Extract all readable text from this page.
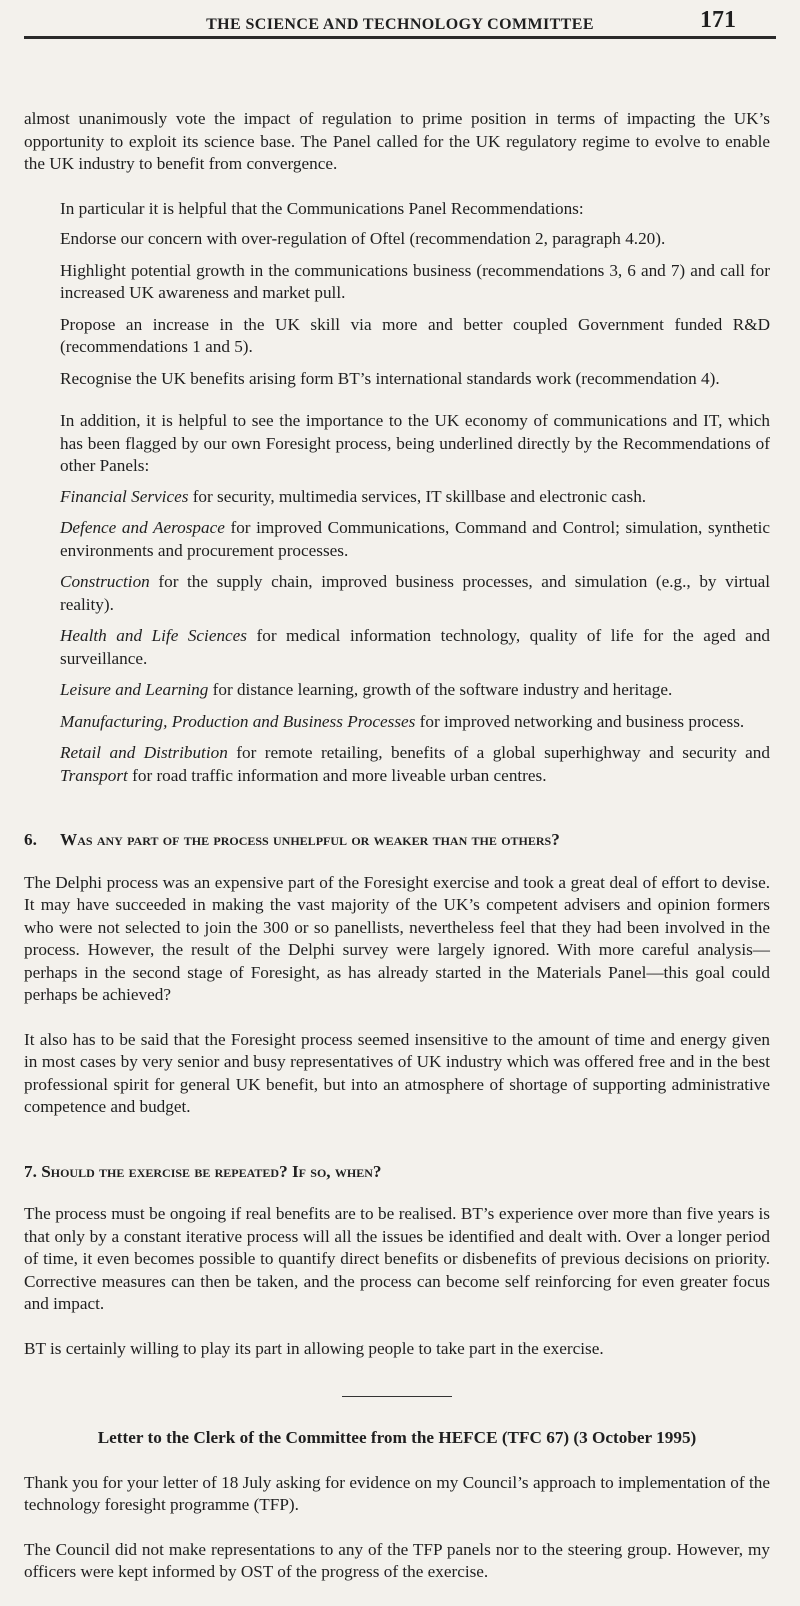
THE SCIENCE AND TECHNOLOGY COMMITTEE	171

almost unanimously vote the impact of regulation to prime position in terms of impacting the UK’s opportunity to exploit its science base. The Panel called for the UK regulatory regime to evolve to enable the UK industry to benefit from convergence.

In particular it is helpful that the Communications Panel Recommendations:

Endorse our concern with over-regulation of Oftel (recommendation 2, paragraph 4.20).

Highlight potential growth in the communications business (recommendations 3, 6 and 7) and call for increased UK awareness and market pull.

Propose an increase in the UK skill via more and better coupled Government funded R&D (recommendations 1 and 5).

Recognise the UK benefits arising form BT’s international standards work (recommendation 4).

In addition, it is helpful to see the importance to the UK economy of communications and IT, which has been flagged by our own Foresight process, being underlined directly by the Recommendations of other Panels:

Financial Services for security, multimedia services, IT skillbase and electronic cash.

Defence and Aerospace for improved Communications, Command and Control; simulation, synthetic environments and procurement processes.

Construction for the supply chain, improved business processes, and simulation (e.g., by virtual reality).

Health and Life Sciences for medical information technology, quality of life for the aged and surveillance.

Leisure and Learning for distance learning, growth of the software industry and heritage.

Manufacturing, Production and Business Processes for improved networking and business process.

Retail and Distribution for remote retailing, benefits of a global superhighway and security and Transport for road traffic information and more liveable urban centres.

6. Was any part of the process unhelpful or weaker than the others?

The Delphi process was an expensive part of the Foresight exercise and took a great deal of effort to devise. It may have succeeded in making the vast majority of the UK’s competent advisers and opinion formers who were not selected to join the 300 or so panellists, nevertheless feel that they had been involved in the process. However, the result of the Delphi survey were largely ignored. With more careful analysis—perhaps in the second stage of Foresight, as has already started in the Materials Panel—this goal could perhaps be achieved?

It also has to be said that the Foresight process seemed insensitive to the amount of time and energy given in most cases by very senior and busy representatives of UK industry which was offered free and in the best professional spirit for general UK benefit, but into an atmosphere of shortage of supporting administrative competence and budget.

7. Should the exercise be repeated? If so, when?

The process must be ongoing if real benefits are to be realised. BT’s experience over more than five years is that only by a constant iterative process will all the issues be identified and dealt with. Over a longer period of time, it even becomes possible to quantify direct benefits or disbenefits of previous decisions on priority. Corrective measures can then be taken, and the process can become self reinforcing for even greater focus and impact.

BT is certainly willing to play its part in allowing people to take part in the exercise.

Letter to the Clerk of the Committee from the HEFCE (TFC 67) (3 October 1995)

Thank you for your letter of 18 July asking for evidence on my Council’s approach to implementation of the technology foresight programme (TFP).

The Council did not make representations to any of the TFP panels nor to the steering group. However, my officers were kept informed by OST of the progress of the exercise.
